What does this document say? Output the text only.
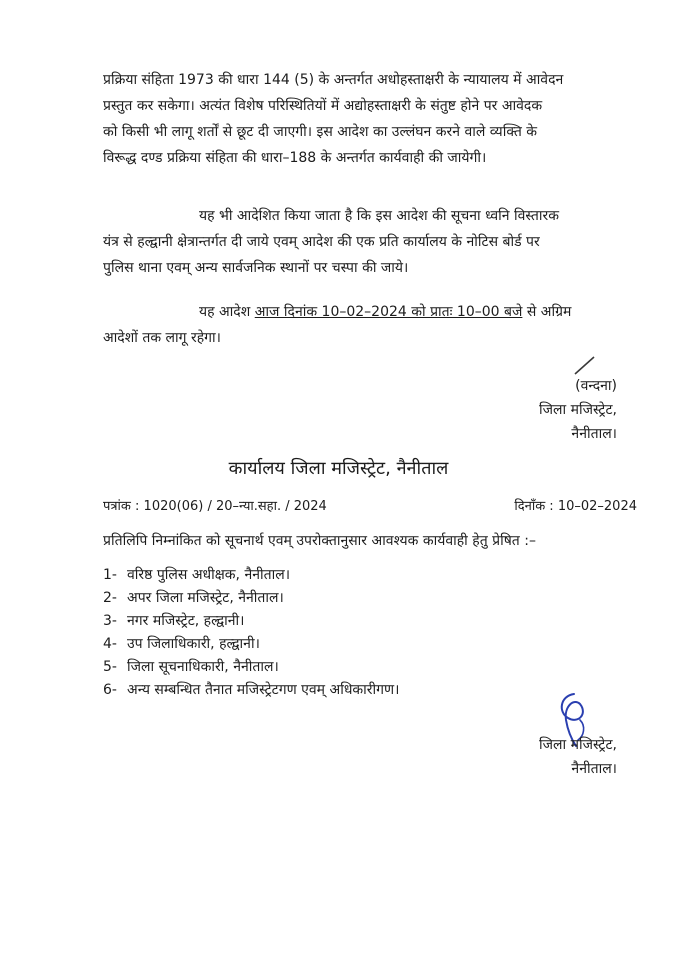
प्रक्रिया संहिता 1973 की धारा 144 (5) के अन्तर्गत अधोहस्ताक्षरी के न्यायालय में आवेदन
प्रस्तुत कर सकेगा। अत्यंत विशेष परिस्थितियों में अद्योहस्ताक्षरी के संतुष्ट होने पर आवेदक
को किसी भी लागू शर्तों से छूट दी जाएगी। इस आदेश का उल्लंघन करने वाले व्यक्ति के
विरूद्ध दण्ड प्रक्रिया संहिता की धारा–188 के अन्तर्गत कार्यवाही की जायेगी।
यह भी आदेशित किया जाता है कि इस आदेश की सूचना ध्वनि विस्तारक
यंत्र से हल्द्वानी क्षेत्रान्तर्गत दी जाये एवम् आदेश की एक प्रति कार्यालय के नोटिस बोर्ड पर
पुलिस थाना एवम् अन्य सार्वजनिक स्थानों पर चस्पा की जाये।
यह आदेश आज दिनांक 10–02–2024 को प्रातः 10–00 बजे से अग्रिम
आदेशों तक लागू रहेगा।
(वन्दना)
जिला मजिस्ट्रेट,
नैनीताल।
कार्यालय जिला मजिस्ट्रेट, नैनीताल
पत्रांक : 1020(06) / 20–न्या.सहा. / 2024	दिनाँक : 10–02–2024
प्रतिलिपि निम्नांकित को सूचनार्थ एवम् उपरोक्तानुसार आवश्यक कार्यवाही हेतु प्रेषित :–
1- वरिष्ठ पुलिस अधीक्षक, नैनीताल।
2- अपर जिला मजिस्ट्रेट, नैनीताल।
3- नगर मजिस्ट्रेट, हल्द्वानी।
4- उप जिलाधिकारी, हल्द्वानी।
5- जिला सूचनाधिकारी, नैनीताल।
6- अन्य सम्बन्धित तैनात मजिस्ट्रेटगण एवम् अधिकारीगण।
जिला मजिस्ट्रेट,
नैनीताल।
